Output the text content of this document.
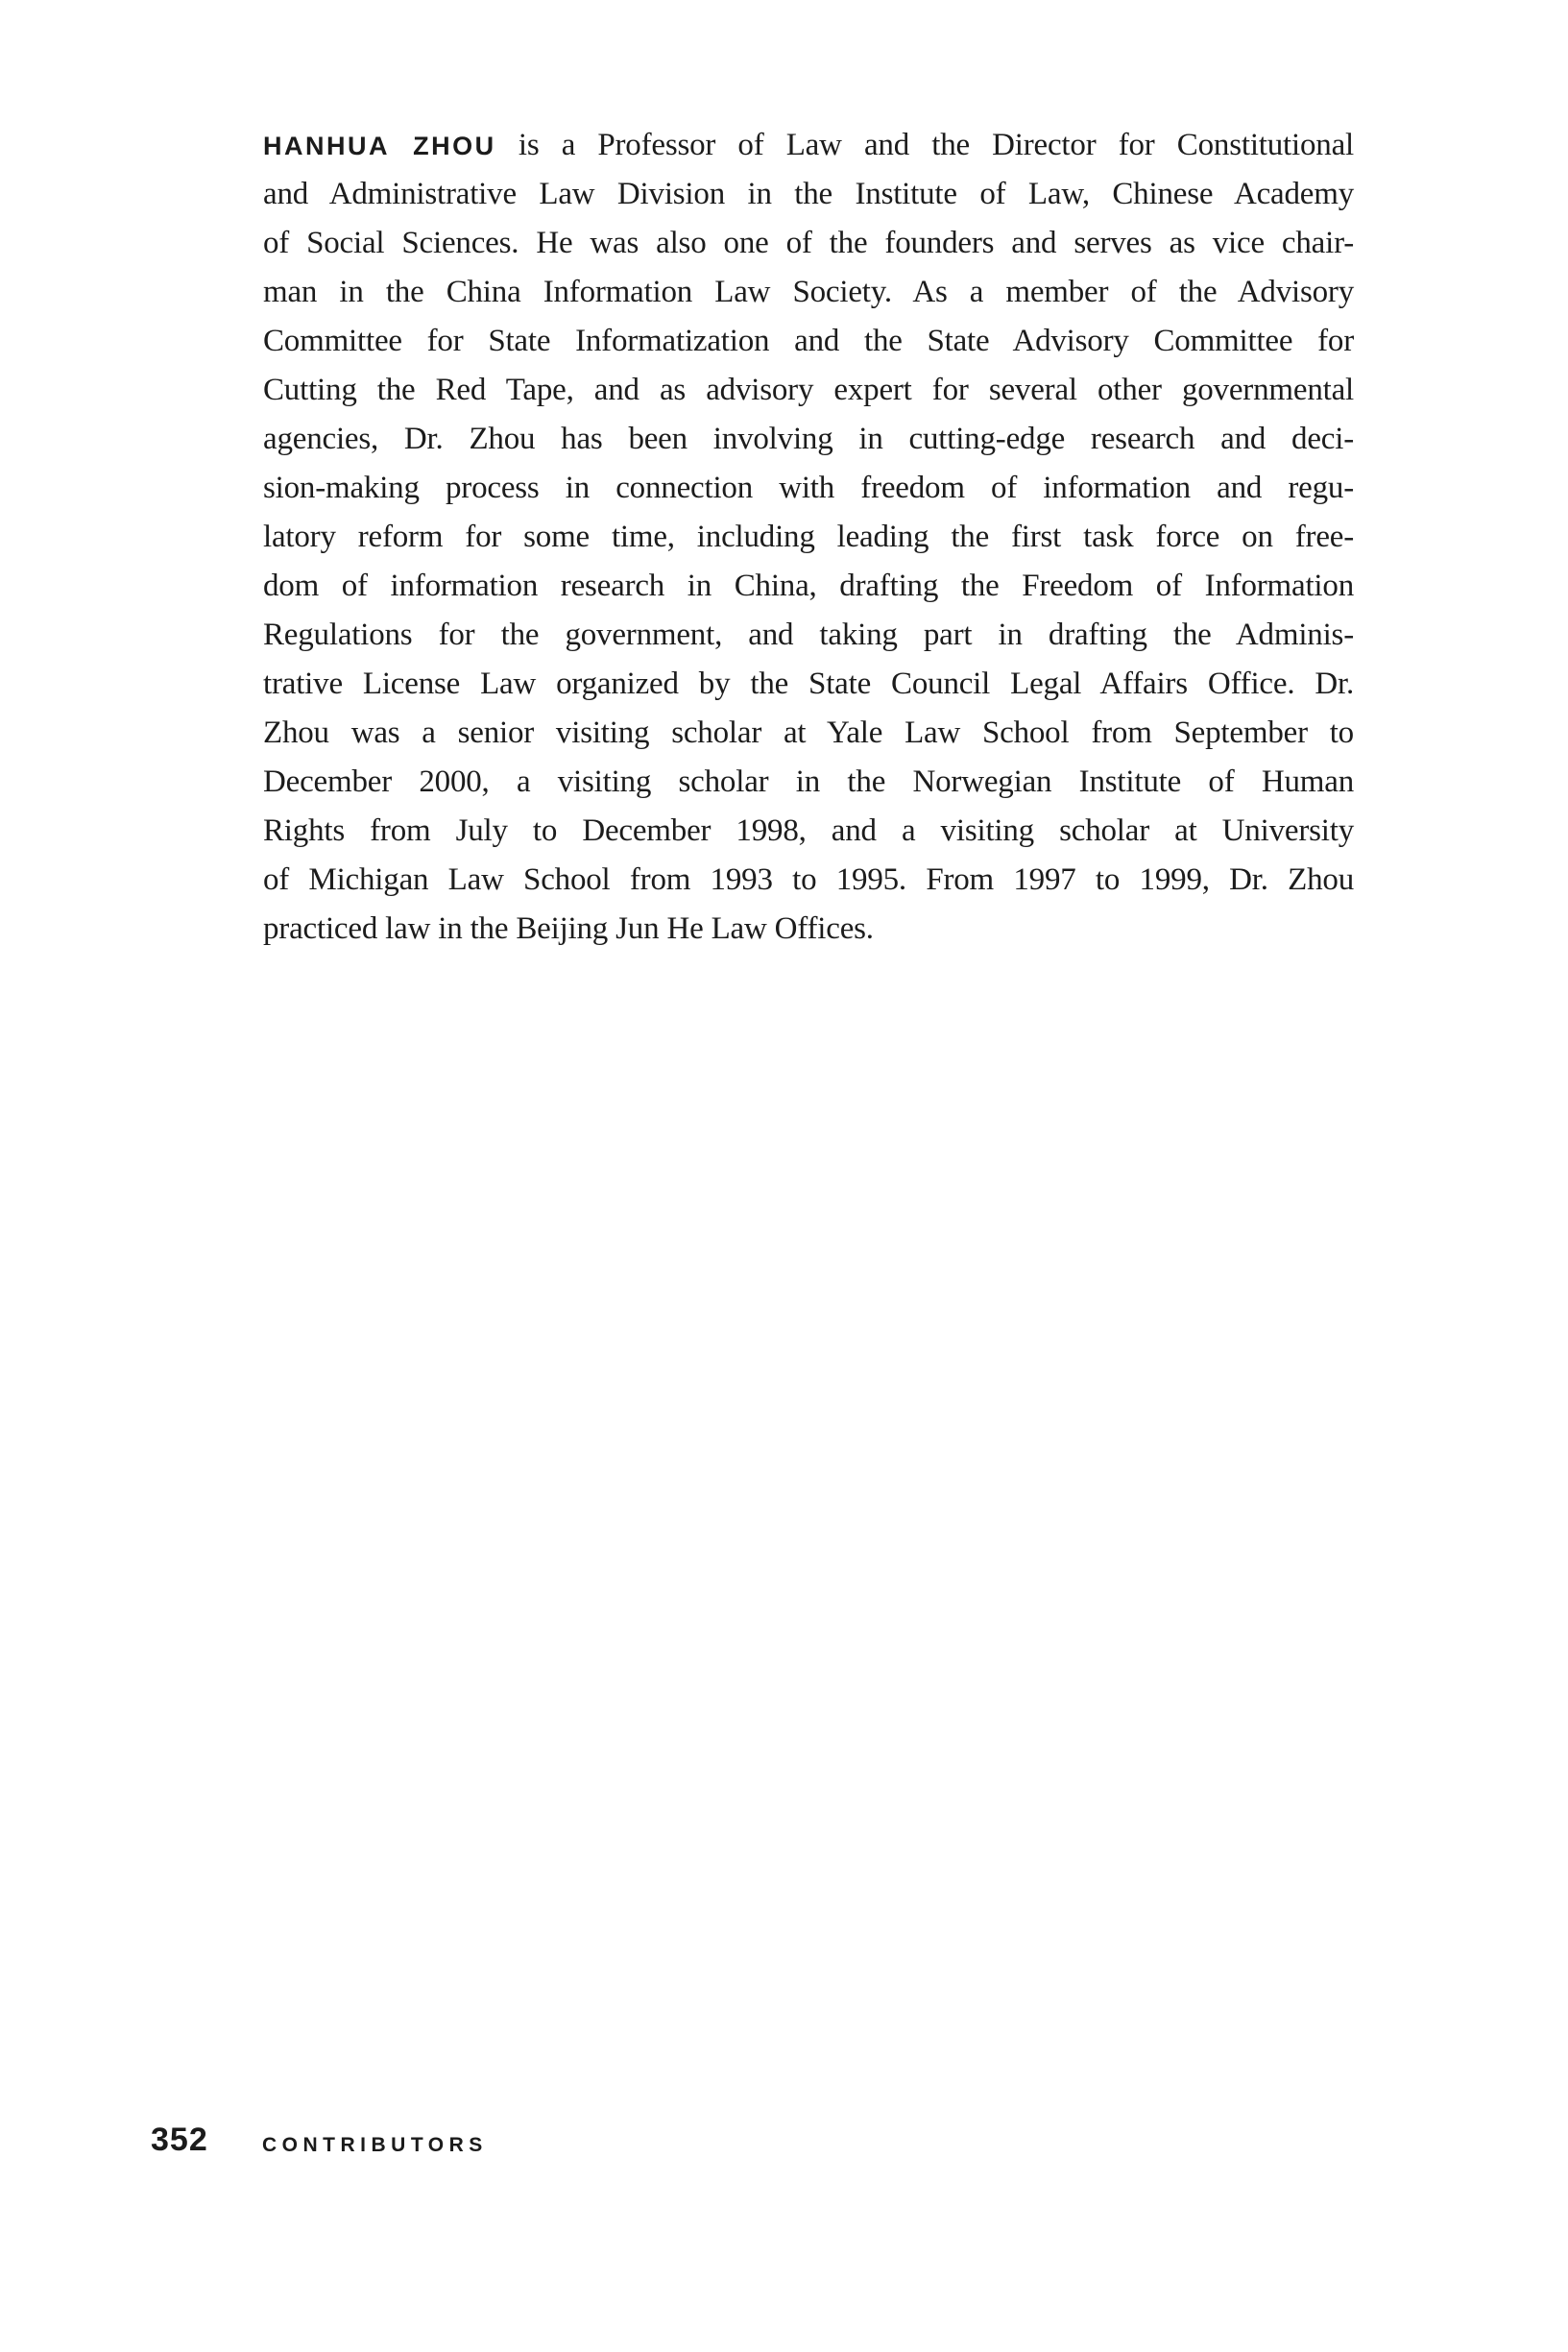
HANHUA ZHOU is a Professor of Law and the Director for Constitutional
and Administrative Law Division in the Institute of Law, Chinese Academy
of Social Sciences. He was also one of the founders and serves as vice chair-
man in the China Information Law Society. As a member of the Advisory
Committee for State Informatization and the State Advisory Committee for
Cutting the Red Tape, and as advisory expert for several other governmental
agencies, Dr. Zhou has been involving in cutting-edge research and deci-
sion-making process in connection with freedom of information and regu-
latory reform for some time, including leading the first task force on free-
dom of information research in China, drafting the Freedom of Information
Regulations for the government, and taking part in drafting the Adminis-
trative License Law organized by the State Council Legal Affairs Office. Dr.
Zhou was a senior visiting scholar at Yale Law School from September to
December 2000, a visiting scholar in the Norwegian Institute of Human
Rights from July to December 1998, and a visiting scholar at University
of Michigan Law School from 1993 to 1995. From 1997 to 1999, Dr. Zhou
practiced law in the Beijing Jun He Law Offices.
352	CONTRIBUTORS
